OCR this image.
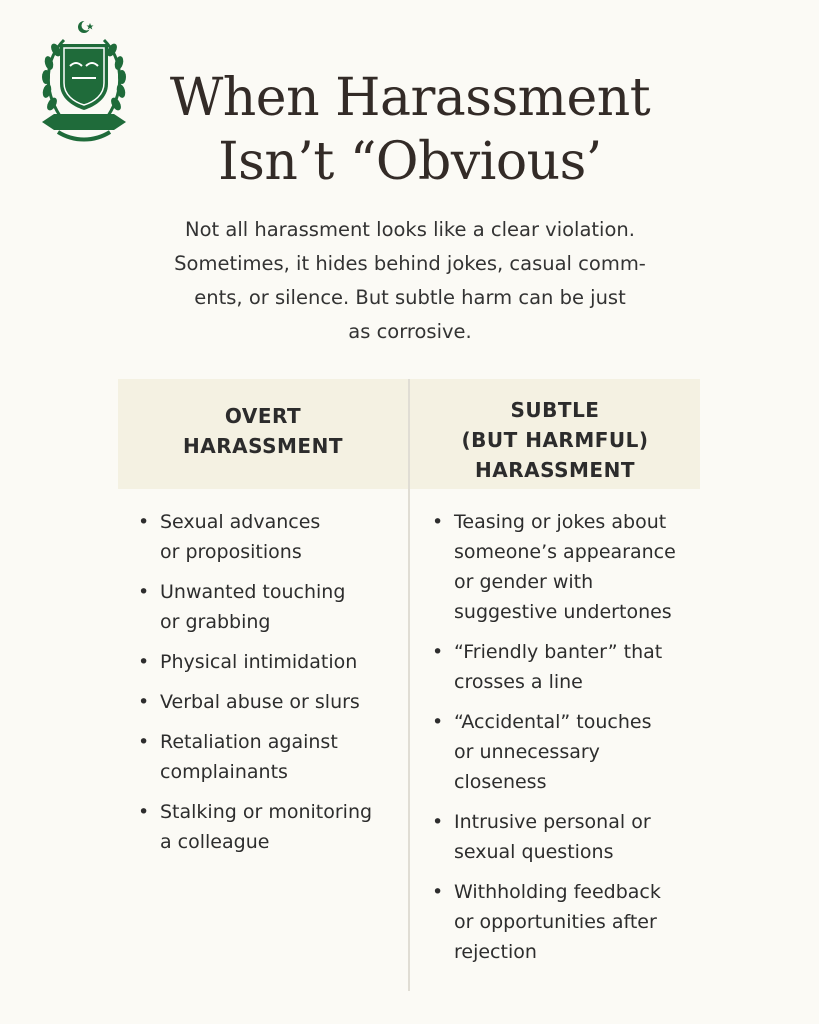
When Harassment
Isn’t “Obvious’
Not all harassment looks like a clear violation.
Sometimes, it hides behind jokes, casual comm-
ents, or silence. But subtle harm can be just
as corrosive.
OVERT
HARASSMENT
SUBTLE
(BUT HARMFUL)
HARASSMENT
• Sexual advances
or propositions
• Unwanted touching
or grabbing
• Physical intimidation
• Verbal abuse or slurs
• Retaliation against
complainants
• Stalking or monitoring
a colleague
• Teasing or jokes about
someone’s appearance
or gender with
suggestive undertones
• “Friendly banter” that
crosses a line
• “Accidental” touches
or unnecessary
closeness
• Intrusive personal or
sexual questions
• Withholding feedback
or opportunities after
rejection
